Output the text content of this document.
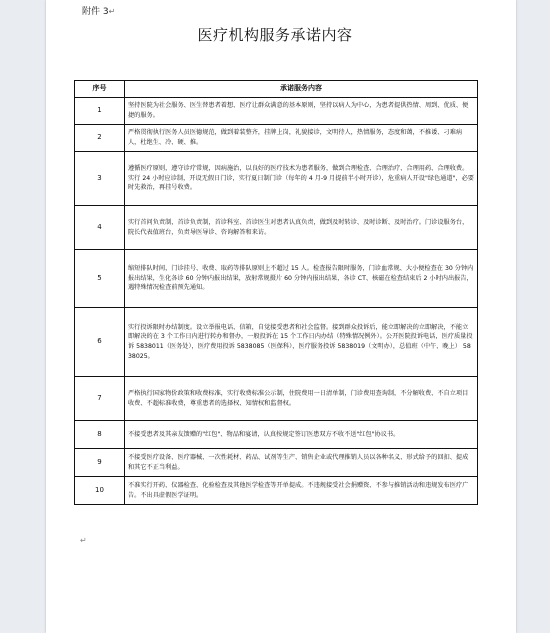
附件 3↵
医疗机构服务承诺内容
序号	承诺服务内容
1	坚持医院为社会服务、医生替患者着想、医疗让群众满意的基本原则，坚持以病人为中心，为患者提供热情、周到、优质、便捷的服务。
2	严格贯彻执行医务人员医德规范，做到着装整齐，挂牌上岗，礼貌接诊，文明待人，热情服务，态度和蔼，不推诿、刁难病人，杜绝生、冷、硬、推。
3	遵循医疗原则，遵守诊疗常规，因病施治，以良好的医疗技术为患者服务，做到合理检查、合理治疗、合理用药、合理收费。实行 24 小时应诊制，开设无假日门诊，实行夏日制门诊（每年的 4 月-9 月提前半小时开诊），危重病人开设"绿色通道"，必要时先救治，再挂号收费。
4	实行首问负责制，首诊负责制，首诊科室、首诊医生对患者认真负责，做到及时转诊、及时诊断、及时治疗。门诊设服务台，院长代表值班台，负责导医导诊、咨询解答和来访。
5	缩短排队时间，门诊挂号、收费、取药等排队原则上不超过 15 人。检查报告限时服务，门诊血常规、大小便检查在 30 分钟内报出结果，生化各诊 60 分钟内报出结果，放射常规摄片 60 分钟内报出结果，各诊 CT、核磁在检查结束后 2 小时内出报告，遇特殊情况检查前预先通知。
6	实行投诉限时办结制度。设立举报电话、信箱，自觉接受患者和社会监督。接到群众投诉后，能立即解决的立即解决，不能立即解决的在 3 个工作日内进行转办和督办，一般投诉在 15 个工作日内办结（特殊情况例外）。公开医院投诉电话，医疗质量投诉 5838011（医务处），医疗费用投诉 5838085（医保科），医疗服务投诉 5838019（文明办），总值班（中午、晚上） 5838025。
7	严格执行国家物价政策和收费标准，实行收费标准公示制，住院费用一日清单制，门诊费用查询制，不分解收费、不自立项目收费、不超标准收费，尊重患者的选择权、知情权和监督权。
8	不接受患者及其亲友馈赠的"红包"、物品和宴请，认真按规定签订医患双方不收不送"红包"协议书。
9	不接受医疗设备、医疗器械、一次性耗材、药品、试剂等生产、销售企业或代理推销人员以各种名义、形式给予的回扣、提成和其它不正当利益。
10	不准实行开药、仪器检查、化验检查及其他医学检查等开单提成。不违规接受社会捐赠资、不参与推销活动和违规发布医疗广告。不出具虚假医学证明。
↵
